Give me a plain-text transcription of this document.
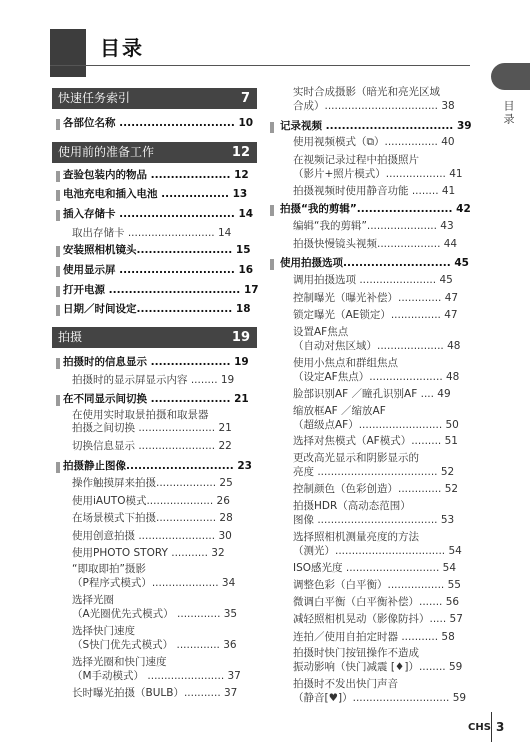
目录
目录
快速任务索引	7
各部位名称 ............................. 10
使用前的准备工作	12
查验包装内的物品 .................... 12
电池充电和插入电池 ................. 13
插入存储卡 ............................. 14
取出存储卡 .......................... 14
安装照相机镜头........................ 15
使用显示屏 ............................. 16
打开电源 ................................. 17
日期／时间设定........................ 18
拍摄	19
拍摄时的信息显示 .................... 19
拍摄时的显示屏显示内容 ........ 19
在不同显示间切换 .................... 21
在使用实时取景拍摄和取景器
拍摄之间切换 ....................... 21
切换信息显示 ....................... 22
拍摄静止图像........................... 23
操作触摸屏来拍摄.................. 25
使用iAUTO模式.................... 26
在场景模式下拍摄.................. 28
使用创意拍摄 ....................... 30
使用PHOTO STORY ........... 32
“即取即拍”摄影
（P程序式模式）.................... 34
选择光圈
（A光圈优先式模式） ............. 35
选择快门速度
（S快门优先式模式） ............. 36
选择光圈和快门速度
（M手动模式） ....................... 37
长时曝光拍摄（BULB）........... 37
实时合成摄影（暗光和亮光区域
合成）.................................. 38
记录视频 ................................ 39
使用视频模式（⧉）................ 40
在视频记录过程中拍摄照片
（影片+照片模式）.................. 41
拍摄视频时使用静音功能 ........ 41
拍摄“我的剪辑”........................ 42
编辑“我的剪辑”..................... 43
拍摄快慢镜头视频................... 44
使用拍摄选项........................... 45
调用拍摄选项 ....................... 45
控制曝光（曝光补偿）............. 47
锁定曝光（AE锁定）............... 47
设置AF焦点
（自动对焦区域）.................... 48
使用小焦点和群组焦点
（设定AF焦点）...................... 48
脸部识别AF ／瞳孔识别AF .... 49
缩放框AF ／缩放AF
（超级点AF）......................... 50
选择对焦模式（AF模式）......... 51
更改高光显示和阴影显示的
亮度 .................................... 52
控制颜色（色彩创造）............. 52
拍摄HDR（高动态范围）
图像 .................................... 53
选择照相机测量亮度的方法
（测光）................................. 54
ISO感光度 ............................ 54
调整色彩（白平衡）................. 55
微调白平衡（白平衡补偿）....... 56
减轻照相机晃动（影像防抖）..... 57
连拍／使用自拍定时器 ........... 58
拍摄时快门按钮操作不造成
振动影响（快门减震 [♦]）........ 59
拍摄时不发出快门声音
（静音[♥]）............................. 59
CHS 3
